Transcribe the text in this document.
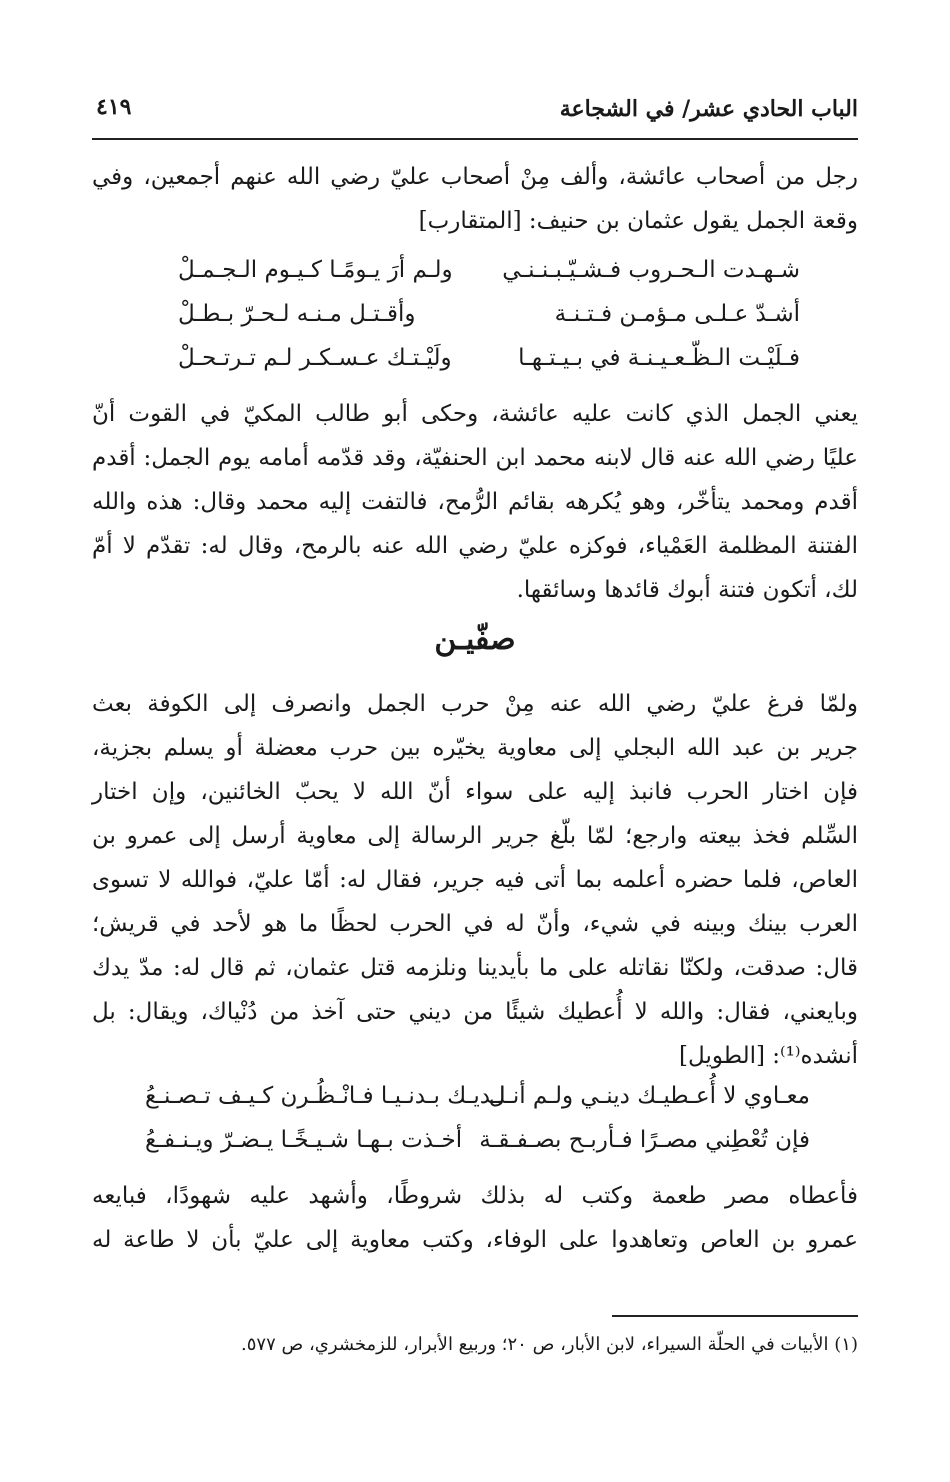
الباب الحادي عشر/ في الشجاعة
٤١٩
رجل من أصحاب عائشة، وألف مِنْ أصحاب عليّ رضي الله عنهم أجمعين، وفي
وقعة الجمل يقول عثمان بن حنيف: [المتقارب]
شـهـدت الـحـروب فـشـيّـبـنـنـي
ولـم أرَ يـومًـا كـيـوم الـجـمـلْ
أشـدّ عـلـى مـؤمـن فـتـنـة
وأقـتـل مـنـه لـحـرّ بـطـلْ
فـلَيْـت الـظّـعـيـنـة في بـيـتـهـا
ولَيْـتـك عـسـكـر لـم تـرتـحـلْ
يعني الجمل الذي كانت عليه عائشة، وحكى أبو طالب المكيّ في القوت أنّ
عليًا رضي الله عنه قال لابنه محمد ابن الحنفيّة، وقد قدّمه أمامه يوم الجمل: أقدم
أقدم ومحمد يتأخّر، وهو يُكرهه بقائم الرُّمح، فالتفت إليه محمد وقال: هذه والله
الفتنة المظلمة العَمْياء، فوكزه عليّ رضي الله عنه بالرمح، وقال له: تقدّم لا أمّ
لك، أتكون فتنة أبوك قائدها وسائقها.
صفّيـن
ولمّا فرغ عليّ رضي الله عنه مِنْ حرب الجمل وانصرف إلى الكوفة بعث
جرير بن عبد الله البجلي إلى معاوية يخيّره بين حرب معضلة أو يسلم بجزية،
فإن اختار الحرب فانبذ إليه على سواء أنّ الله لا يحبّ الخائنين، وإن اختار
السِّلم فخذ بيعته وارجع؛ لمّا بلّغ جرير الرسالة إلى معاوية أرسل إلى عمرو بن
العاص، فلما حضره أعلمه بما أتى فيه جرير، فقال له: أمّا عليّ، فوالله لا تسوى
العرب بينك وبينه في شيء، وأنّ له في الحرب لحظًا ما هو لأحد في قريش؛
قال: صدقت، ولكنّا نقاتله على ما بأيدينا ونلزمه قتل عثمان، ثم قال له: مدّ يدك
وبايعني، فقال: والله لا أُعطيك شيئًا من ديني حتى آخذ من دُنْياك، ويقال: بل
أنشده⁽¹⁾: [الطويل]
معـاوي لا أُعـطيـك دينـي ولـم أنـل
لـديـك بـدنـيـا فـانْـظُـرن كـيـف تـصـنـعُ
فإن تُعْطِني مصـرًا فـأربـح بصـفـقـة
أخـذت بـهـا شـيـخًـا يـضـرّ ويـنـفـعُ
فأعطاه مصر طعمة وكتب له بذلك شروطًا، وأشهد عليه شهودًا، فبايعه
عمرو بن العاص وتعاهدوا على الوفاء، وكتب معاوية إلى عليّ بأن لا طاعة له
(١) الأبيات في الحلّة السيراء، لابن الأبار، ص ٢٠؛ وربيع الأبرار، للزمخشري، ص ٥٧٧.
